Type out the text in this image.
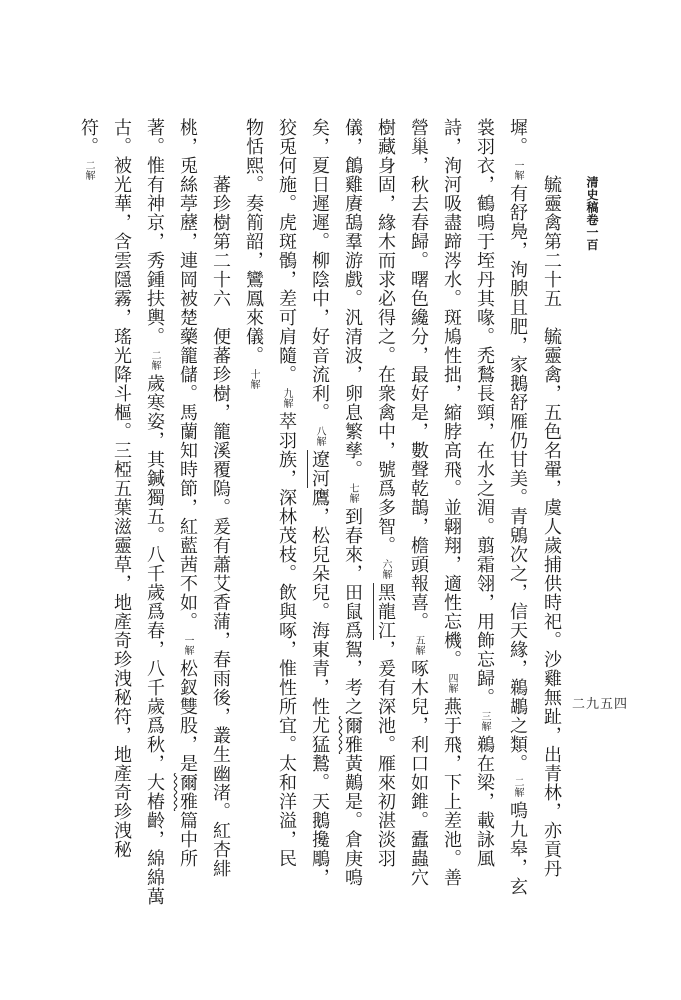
清史稿卷一百
二九五四
毓靈禽第二十五　毓靈禽，五色名翬，虞人歲捕供時祀。沙雞無趾，出青林，亦貢丹
墀。一解有舒鳧，洵腴且肥，家鵝舒雁仍甘美。青鶂次之，信天緣，鵜鶘之類。二解鳴九皋，玄
裳羽衣，鶴鳴于垤丹其喙。禿鶖長頸，在水之湄。翦霜翎，用飾忘歸。三解鵜在梁，載詠風
詩，洵河吸盡蹄涔水。斑鳩性拙，縮脖高飛。並翺翔，適性忘機。四解燕于飛，下上差池。善
營巢，秋去春歸。曙色纔分，最好是，數聲乾鵲，檐頭報喜。五解啄木兒，利口如錐。蠹蟲穴
樹藏身固，緣木而求必得之。在衆禽中，號爲多智。六解黑龍江，爰有深池。雁來初湛淡羽
儀，鶬雞賡鴰羣游戲。汎清波，卵息繁孳。七解到春來，田鼠爲鴽，考之爾雅黃鷬是。倉庚鳴
矣，夏日遲遲。柳陰中，好音流利。八解遼河鷹，松兒朵兒。海東青，性尤猛鷙。天鵝攙鵰，
狡兎何施。虎斑鶻，差可肩隨。九解萃羽族，深林茂枝。飲與啄，惟性所宜。太和洋溢，民
物恬熙。奏箾韶，鸞鳳來儀。十解
蕃珍樹第二十六　便蕃珍樹，籠溪覆隖。爰有蕭艾香蒲，春雨後，叢生幽渚。紅杏緋
桃，兎絲葶藶，連岡被楚藥籠儲。馬蘭知時節，紅藍茜不如。一解松釵雙股，是爾雅篇中所
著。惟有神京，秀鍾扶輿。二解歲寒姿，其鍼獨五。八千歲爲春，八千歲爲秋，大椿齡，綿綿萬
古。被光華，含雲隱霧，瑤光降斗樞。三椏五葉滋靈草，地產奇珍洩秘符，地產奇珍洩秘
符。二解
